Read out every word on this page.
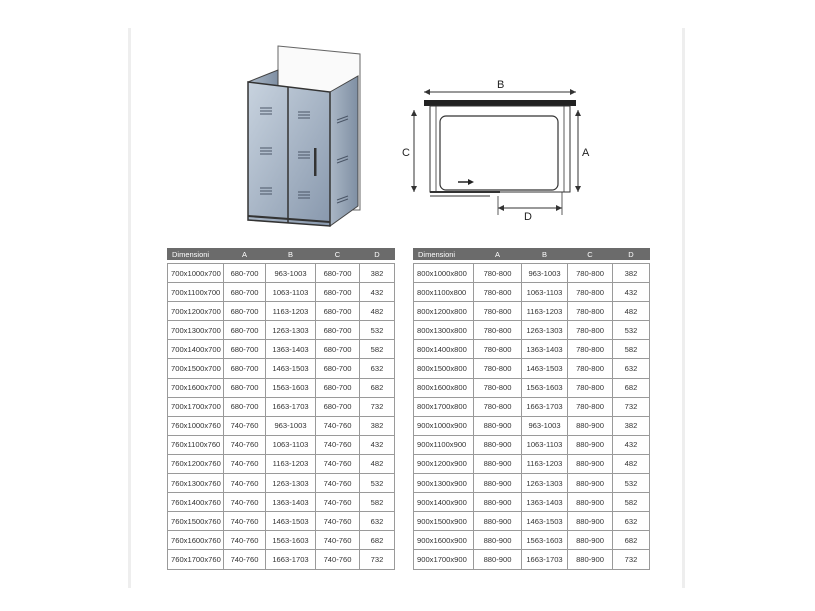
B
C	A
D
Dimensioni	A	B	C	D

700x1000x700	680-700	963-1003	680-700	382
700x1100x700	680-700	1063-1103	680-700	432
700x1200x700	680-700	1163-1203	680-700	482
700x1300x700	680-700	1263-1303	680-700	532
700x1400x700	680-700	1363-1403	680-700	582
700x1500x700	680-700	1463-1503	680-700	632
700x1600x700	680-700	1563-1603	680-700	682
700x1700x700	680-700	1663-1703	680-700	732
760x1000x760	740-760	963-1003	740-760	382
760x1100x760	740-760	1063-1103	740-760	432
760x1200x760	740-760	1163-1203	740-760	482
760x1300x760	740-760	1263-1303	740-760	532
760x1400x760	740-760	1363-1403	740-760	582
760x1500x760	740-760	1463-1503	740-760	632
760x1600x760	740-760	1563-1603	740-760	682
760x1700x760	740-760	1663-1703	740-760	732
Dimensioni	A	B	C	D

800x1000x800	780-800	963-1003	780-800	382
800x1100x800	780-800	1063-1103	780-800	432
800x1200x800	780-800	1163-1203	780-800	482
800x1300x800	780-800	1263-1303	780-800	532
800x1400x800	780-800	1363-1403	780-800	582
800x1500x800	780-800	1463-1503	780-800	632
800x1600x800	780-800	1563-1603	780-800	682
800x1700x800	780-800	1663-1703	780-800	732
900x1000x900	880-900	963-1003	880-900	382
900x1100x900	880-900	1063-1103	880-900	432
900x1200x900	880-900	1163-1203	880-900	482
900x1300x900	880-900	1263-1303	880-900	532
900x1400x900	880-900	1363-1403	880-900	582
900x1500x900	880-900	1463-1503	880-900	632
900x1600x900	880-900	1563-1603	880-900	682
900x1700x900	880-900	1663-1703	880-900	732
